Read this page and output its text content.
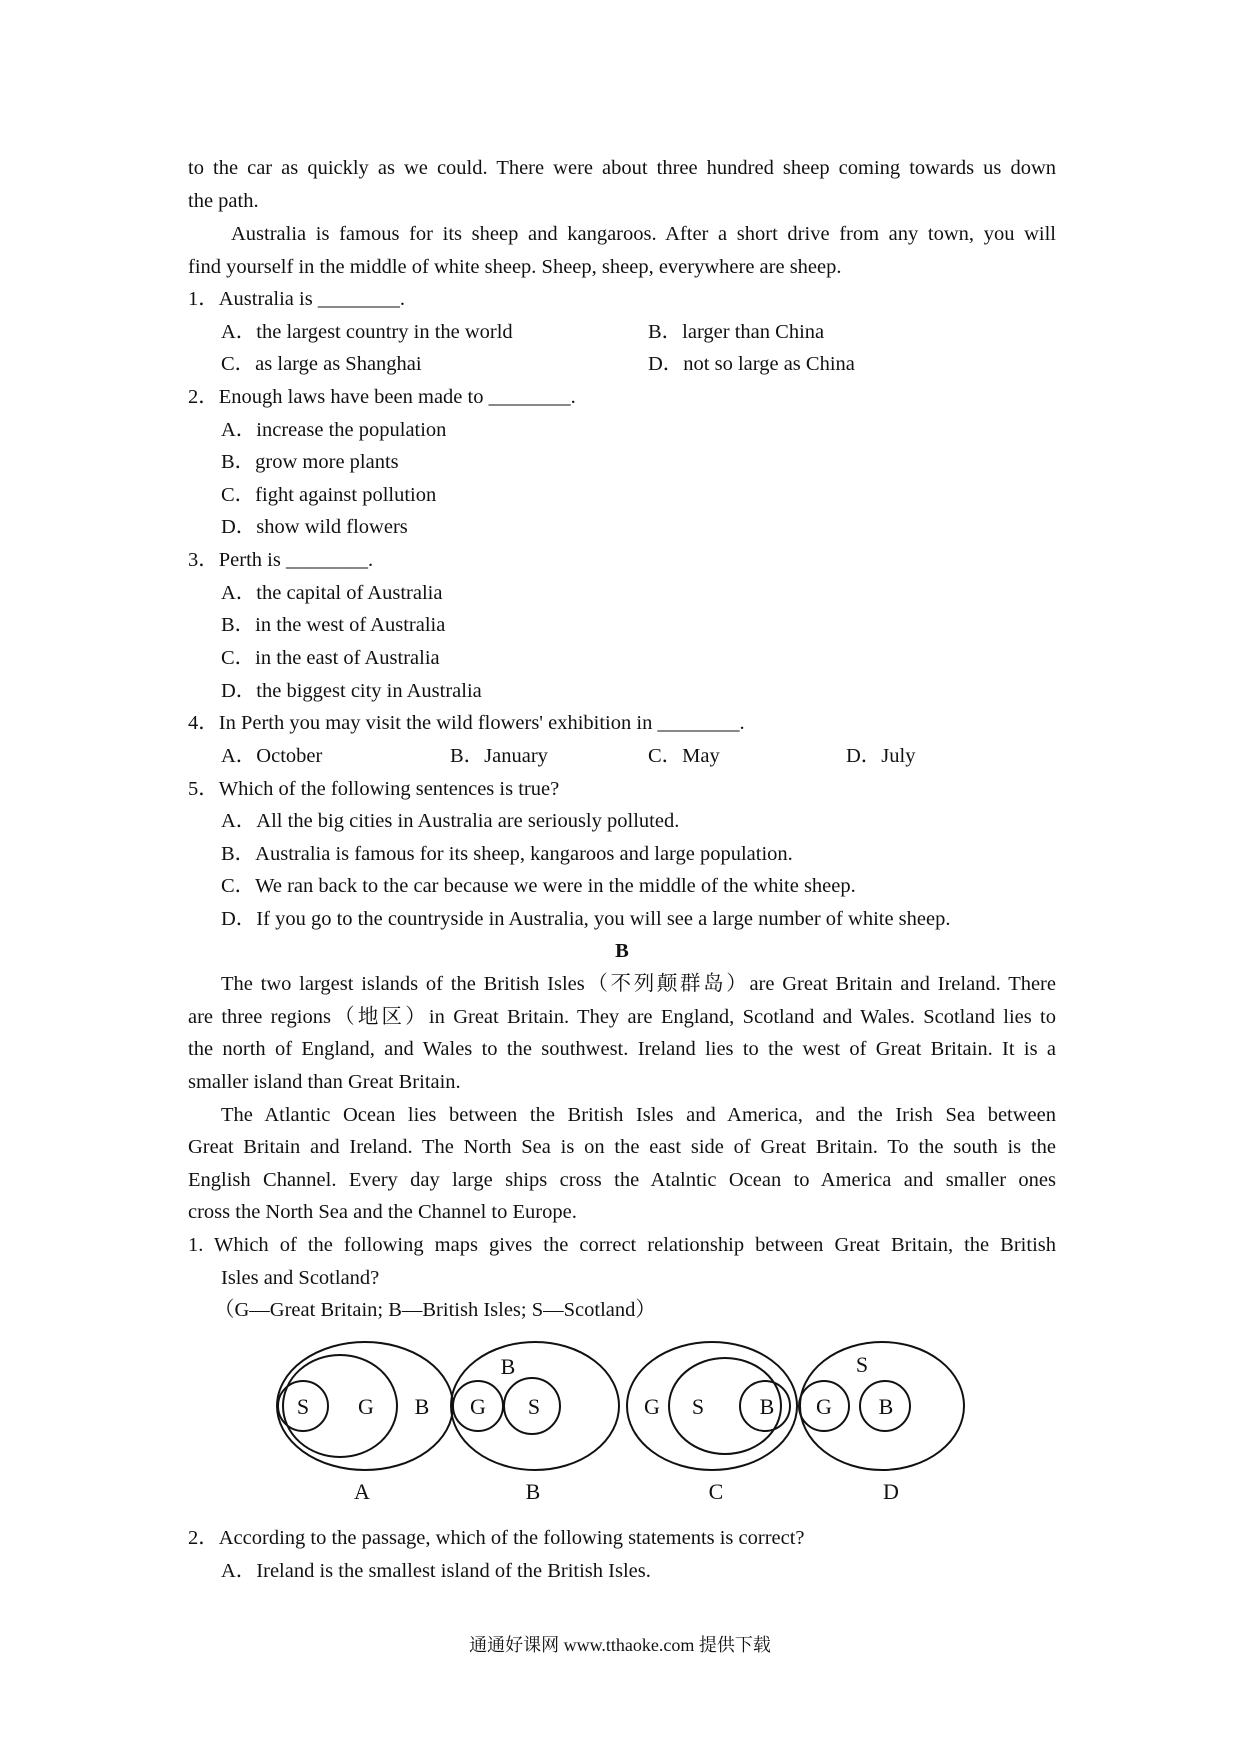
to the car as quickly as we could. There were about three hundred sheep coming towards us down
the path.
Australia is famous for its sheep and kangaroos. After a short drive from any town, you will
find yourself in the middle of white sheep. Sheep, sheep, everywhere are sheep.
1．Australia is ________.
A．the largest country in the world	B．larger than China
C．as large as Shanghai	D．not so large as China
2．Enough laws have been made to ________.
A．increase the population
B．grow more plants
C．fight against pollution
D．show wild flowers
3．Perth is ________.
A．the capital of Australia
B．in the west of Australia
C．in the east of Australia
D．the biggest city in Australia
4．In Perth you may visit the wild flowers' exhibition in ________.
A．October	B．January	C．May	D．July
5．Which of the following sentences is true?
A．All the big cities in Australia are seriously polluted.
B．Australia is famous for its sheep, kangaroos and large population.
C．We ran back to the car because we were in the middle of the white sheep.
D．If you go to the countryside in Australia, you will see a large number of white sheep.
B
The two largest islands of the British Isles（不列颠群岛）are Great Britain and Ireland. There
are three regions（地区）in Great Britain. They are England, Scotland and Wales. Scotland lies to
the north of England, and Wales to the southwest. Ireland lies to the west of Great Britain. It is a
smaller island than Great Britain.
The Atlantic Ocean lies between the British Isles and America, and the Irish Sea between
Great Britain and Ireland. The North Sea is on the east side of Great Britain. To the south is the
English Channel. Every day large ships cross the Atalntic Ocean to America and smaller ones
cross the North Sea and the Channel to Europe.
1. Which of the following maps gives the correct relationship between Great Britain, the British
Isles and Scotland?
（G—Great Britain; B—British Isles; S—Scotland）
S G B
A
B
G S
B
G S	B
C
S
G B
D
2．According to the passage, which of the following statements is correct?
A．Ireland is the smallest island of the British Isles.
通通好课网 www.tthaoke.com 提供下载
